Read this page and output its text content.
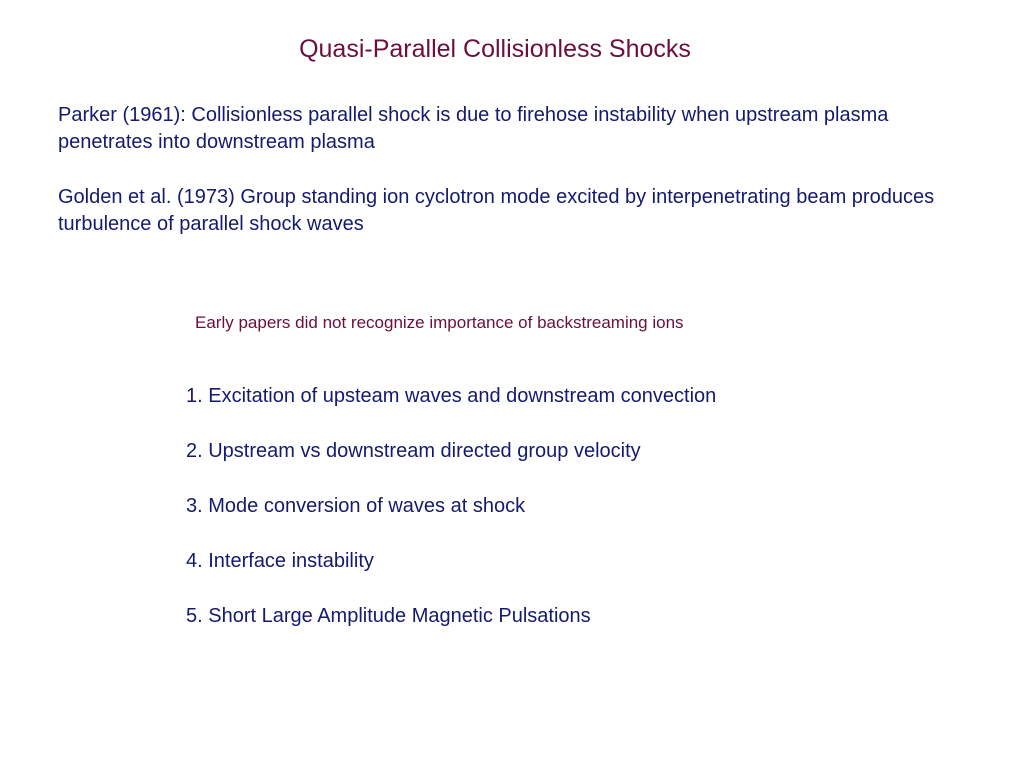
Quasi-Parallel Collisionless Shocks
Parker (1961): Collisionless parallel shock is due to firehose instability when upstream plasma penetrates into downstream plasma
Golden et al. (1973) Group standing ion cyclotron mode excited by interpenetrating beam produces turbulence of parallel shock waves
Early papers did not recognize importance of backstreaming ions
1. Excitation of upsteam waves and downstream convection
2. Upstream vs downstream directed group velocity
3. Mode conversion of waves at shock
4. Interface instability
5. Short Large Amplitude Magnetic Pulsations
